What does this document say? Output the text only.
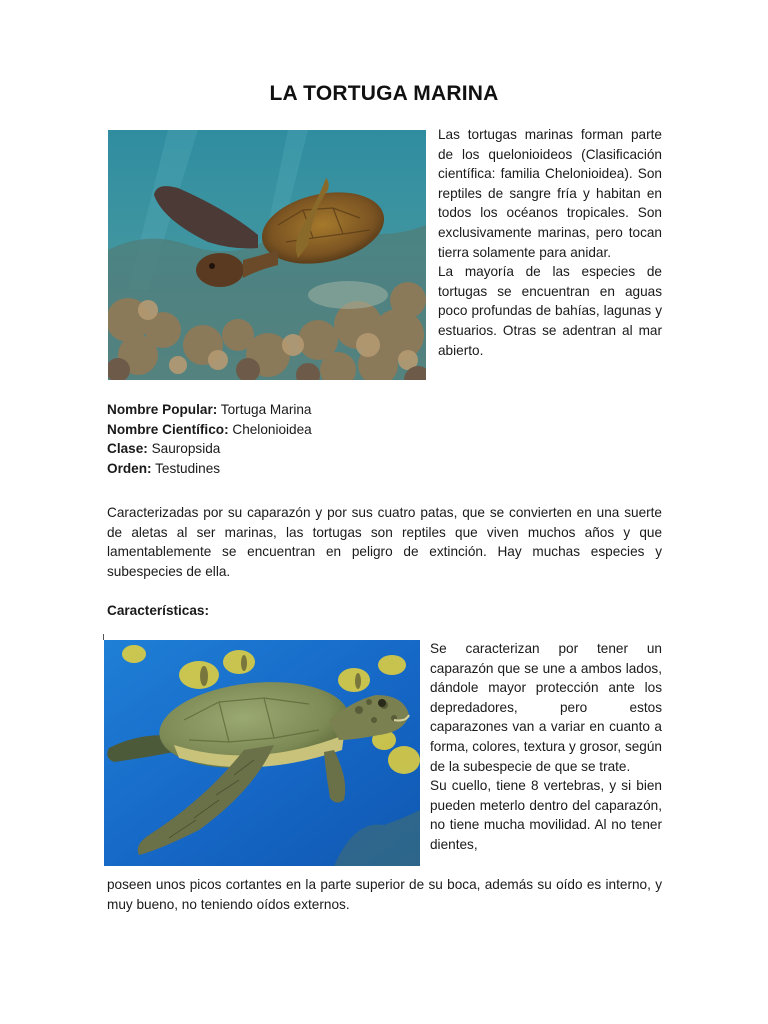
LA TORTUGA MARINA

Las tortugas marinas forman parte de los quelonioideos (Clasificación científica: familia Chelonioidea). Son reptiles de sangre fría y habitan en todos los océanos tropicales. Son exclusivamente marinas, pero tocan tierra solamente para anidar.

La mayoría de las especies de tortugas se encuentran en aguas poco profundas de bahías, lagunas y estuarios. Otras se adentran al mar abierto.

Nombre Popular: Tortuga Marina
Nombre Científico: Chelonioidea
Clase: Sauropsida
Orden: Testudines

Caracterizadas por su caparazón y por sus cuatro patas, que se convierten en una suerte de aletas al ser marinas, las tortugas son reptiles que viven muchos años y que lamentablemente se encuentran en peligro de extinción. Hay muchas especies y subespecies de ella.

Características:

Se caracterizan por tener un caparazón que se une a ambos lados, dándole mayor protección ante los depredadores, pero estos caparazones van a variar en cuanto a forma, colores, textura y grosor, según de la subespecie de que se trate.

Su cuello, tiene 8 vertebras, y si bien pueden meterlo dentro del caparazón, no tiene mucha movilidad. Al no tener dientes,

poseen unos picos cortantes en la parte superior de su boca, además su oído es interno, y muy bueno, no teniendo oídos externos.
